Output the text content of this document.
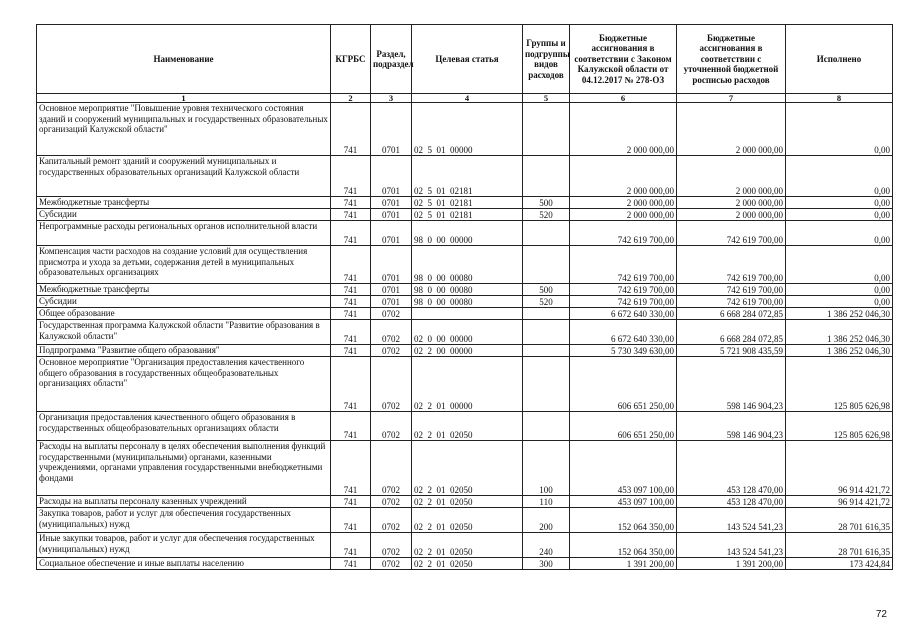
Наименование	КГРБС	Раздел, подраздел	Целевая статья	Группы и подгруппы видов расходов	Бюджетные ассигнования в соответствии с Законом Калужской области от 04.12.2017 № 278-ОЗ	Бюджетные ассигнования в соответствии с уточненной бюджетной росписью расходов	Исполнено
1	2	3	4	5	6	7	8
Основное мероприятие "Повышение уровня технического состояния зданий и сооружений муниципальных и государственных образовательных организаций Калужской области"	741	0701	02  5  01  00000		2 000 000,00	2 000 000,00	0,00
Капитальный ремонт зданий и сооружений муниципальных и государственных образовательных организаций Калужской области	741	0701	02  5  01  02181		2 000 000,00	2 000 000,00	0,00
Межбюджетные трансферты	741	0701	02  5  01  02181	500	2 000 000,00	2 000 000,00	0,00
Субсидии	741	0701	02  5  01  02181	520	2 000 000,00	2 000 000,00	0,00
Непрограммные расходы региональных органов исполнительной власти	741	0701	98  0  00  00000		742 619 700,00	742 619 700,00	0,00
Компенсация части расходов на создание условий для осуществления присмотра и ухода за детьми, содержания детей в муниципальных образовательных организациях	741	0701	98  0  00  00080		742 619 700,00	742 619 700,00	0,00
Межбюджетные трансферты	741	0701	98  0  00  00080	500	742 619 700,00	742 619 700,00	0,00
Субсидии	741	0701	98  0  00  00080	520	742 619 700,00	742 619 700,00	0,00
Общее образование	741	0702			6 672 640 330,00	6 668 284 072,85	1 386 252 046,30
Государственная программа Калужской области "Развитие образования в Калужской области"	741	0702	02  0  00  00000		6 672 640 330,00	6 668 284 072,85	1 386 252 046,30
Подпрограмма "Развитие общего образования"	741	0702	02  2  00  00000		5 730 349 630,00	5 721 908 435,59	1 386 252 046,30
Основное мероприятие "Организация предоставления качественного общего образования в государственных общеобразовательных организациях области"	741	0702	02  2  01  00000		606 651 250,00	598 146 904,23	125 805 626,98
Организация предоставления качественного общего образования в государственных общеобразовательных организациях области	741	0702	02  2  01  02050		606 651 250,00	598 146 904,23	125 805 626,98
Расходы на выплаты персоналу в целях обеспечения выполнения функций государственными (муниципальными) органами, казенными учреждениями, органами управления государственными внебюджетными фондами	741	0702	02  2  01  02050	100	453 097 100,00	453 128 470,00	96 914 421,72
Расходы на выплаты персоналу казенных учреждений	741	0702	02  2  01  02050	110	453 097 100,00	453 128 470,00	96 914 421,72
Закупка товаров, работ и услуг для обеспечения государственных (муниципальных) нужд	741	0702	02  2  01  02050	200	152 064 350,00	143 524 541,23	28 701 616,35
Иные закупки товаров, работ и услуг для обеспечения государственных (муниципальных) нужд	741	0702	02  2  01  02050	240	152 064 350,00	143 524 541,23	28 701 616,35
Социальное обеспечение и иные выплаты населению	741	0702	02  2  01  02050	300	1 391 200,00	1 391 200,00	173 424,84
72
